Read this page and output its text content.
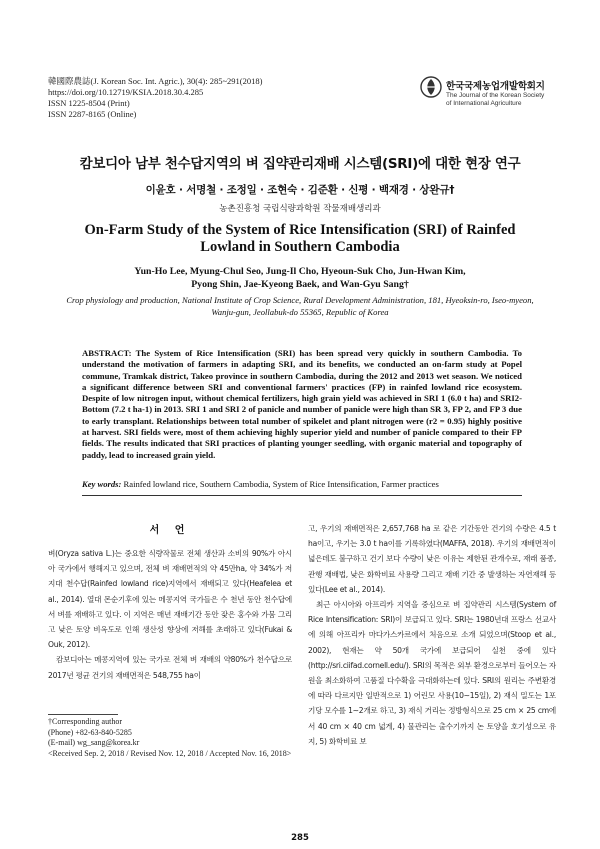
韓國際農誌(J. Korean Soc. Int. Agric.), 30(4): 285~291(2018)
https://doi.org/10.12719/KSIA.2018.30.4.285
ISSN 1225-8504 (Print)
ISSN 2287-8165 (Online)
한국국제농업개발학회지
The Journal of the Korean Society
of International Agriculture
캄보디아 남부 천수답지역의 벼 집약관리재배 시스템(SRI)에 대한 현장 연구
이윤호 · 서명철 · 조정일 · 조현숙 · 김준환 · 신평 · 백재경 · 상완규†
농촌진흥청 국립식량과학원 작물재배생리과
On-Farm Study of the System of Rice Intensification (SRI) of Rainfed Lowland in Southern Cambodia
Yun-Ho Lee, Myung-Chul Seo, Jung-Il Cho, Hyeoun-Suk Cho, Jun-Hwan Kim,
Pyong Shin, Jae-Kyeong Baek, and Wan-Gyu Sang†
Crop physiology and production, National Institute of Crop Science, Rural Development Administration, 181, Hyeoksin-ro, Iseo-myeon, Wanju-gun, Jeollabuk-do 55365, Republic of Korea
ABSTRACT: The System of Rice Intensification (SRI) has been spread very quickly in southern Cambodia. To understand the motivation of farmers in adapting SRI, and its benefits, we conducted an on-farm study at Popel commune, Tramkak district, Takeo province in southern Cambodia, during the 2012 and 2013 wet season. We noticed a significant difference between SRI and conventional farmers' practices (FP) in rainfed lowland rice ecosystem. Despite of low nitrogen input, without chemical fertilizers, high grain yield was achieved in SRI 1 (6.0 t ha) and SRI2-Bottom (7.2 t ha-1) in 2013. SRI 1 and SRI 2 of panicle and number of panicle were high than SR 3, FP 2, and FP 3 due to early transplant. Relationships between total number of spikelet and plant nitrogen were (r2 = 0.95) highly positive at harvest. SRI fields were, most of them achieving highly superior yield and number of panicle compared to their FP fields. The results indicated that SRI practices of planting younger seedling, with organic material and topography of paddy, lead to increased grain yield.
Key words: Rainfed lowland rice, Southern Cambodia, System of Rice Intensification, Farmer practices
서 언
벼(Oryza sativa L.)는 중요한 식량작물로 전체 생산과 소비의 90%가 아시아 국가에서 행해지고 있으며, 전체 벼 재배면적의 약 45만ha, 약 34%가 저지대 천수답(Rainfed lowland rice)지역에서 재배되고 있다(Heafelea et al., 2014). 열대 몬순기후에 있는 메콩지역 국가들은 수 천년 동안 천수답에서 벼를 재배하고 있다. 이 지역은 매년 재배기간 동안 잦은 홍수와 가뭄 그리고 낮은 토양 비옥도로 인해 생산성 향상에 저해를 초래하고 있다(Fukai & Ouk, 2012).
캄보디아는 메콩지역에 있는 국가로 전체 벼 재배의 약80%가 천수답으로 2017년 평균 건기의 재배면적은 548,755 ha이
고, 우기의 재배면적은 2,657,768 ha 로 같은 기간동안 건기의 수량은 4.5 t ha이고, 우기는 3.0 t ha이를 기록하였다(MAFFA, 2018). 우기의 재배면적이 넓은데도 불구하고 건기 보다 수량이 낮은 이유는 제한된 관개수로, 재래 품종, 관행 재배법, 낮은 화학비료 사용량 그리고 재배 기간 중 발생하는 자연재해 등 있다(Lee et al., 2014).
최근 아시아와 아프리카 지역을 중심으로 벼 집약관리 시스템(System of Rice Intensification: SRI)이 보급되고 있다. SRI는 1980년대 프랑스 선교사에 의해 아프리카 마다가스카르에서 처음으로 소개 되었으며(Stoop et al., 2002), 현재는 약 50개 국가에 보급되어 실천 중에 있다(http://sri.ciifad.cornell.edu/). SRI의 목적은 외부 환경으로부터 들어오는 자원을 최소화하여 고품질 다수확을 극대화하는데 있다. SRI의 원리는 주변환경에 따라 다르지만 일반적으로 1) 어린모 사용(10~15일), 2) 재식 밀도는 1포기당 모수를 1~2개로 하고, 3) 재식 거리는 정방형식으로 25 cm × 25 cm에서 40 cm × 40 cm 넓게, 4) 물관리는 출수기까지 논 토양을 호기성으로 유지, 5) 화학비료 보
†Corresponding author
(Phone) +82-63-840-5285
(E-mail) wg_sang@korea.kr
<Received Sep. 2, 2018 / Revised Nov. 12, 2018 / Accepted Nov. 16, 2018>
285
